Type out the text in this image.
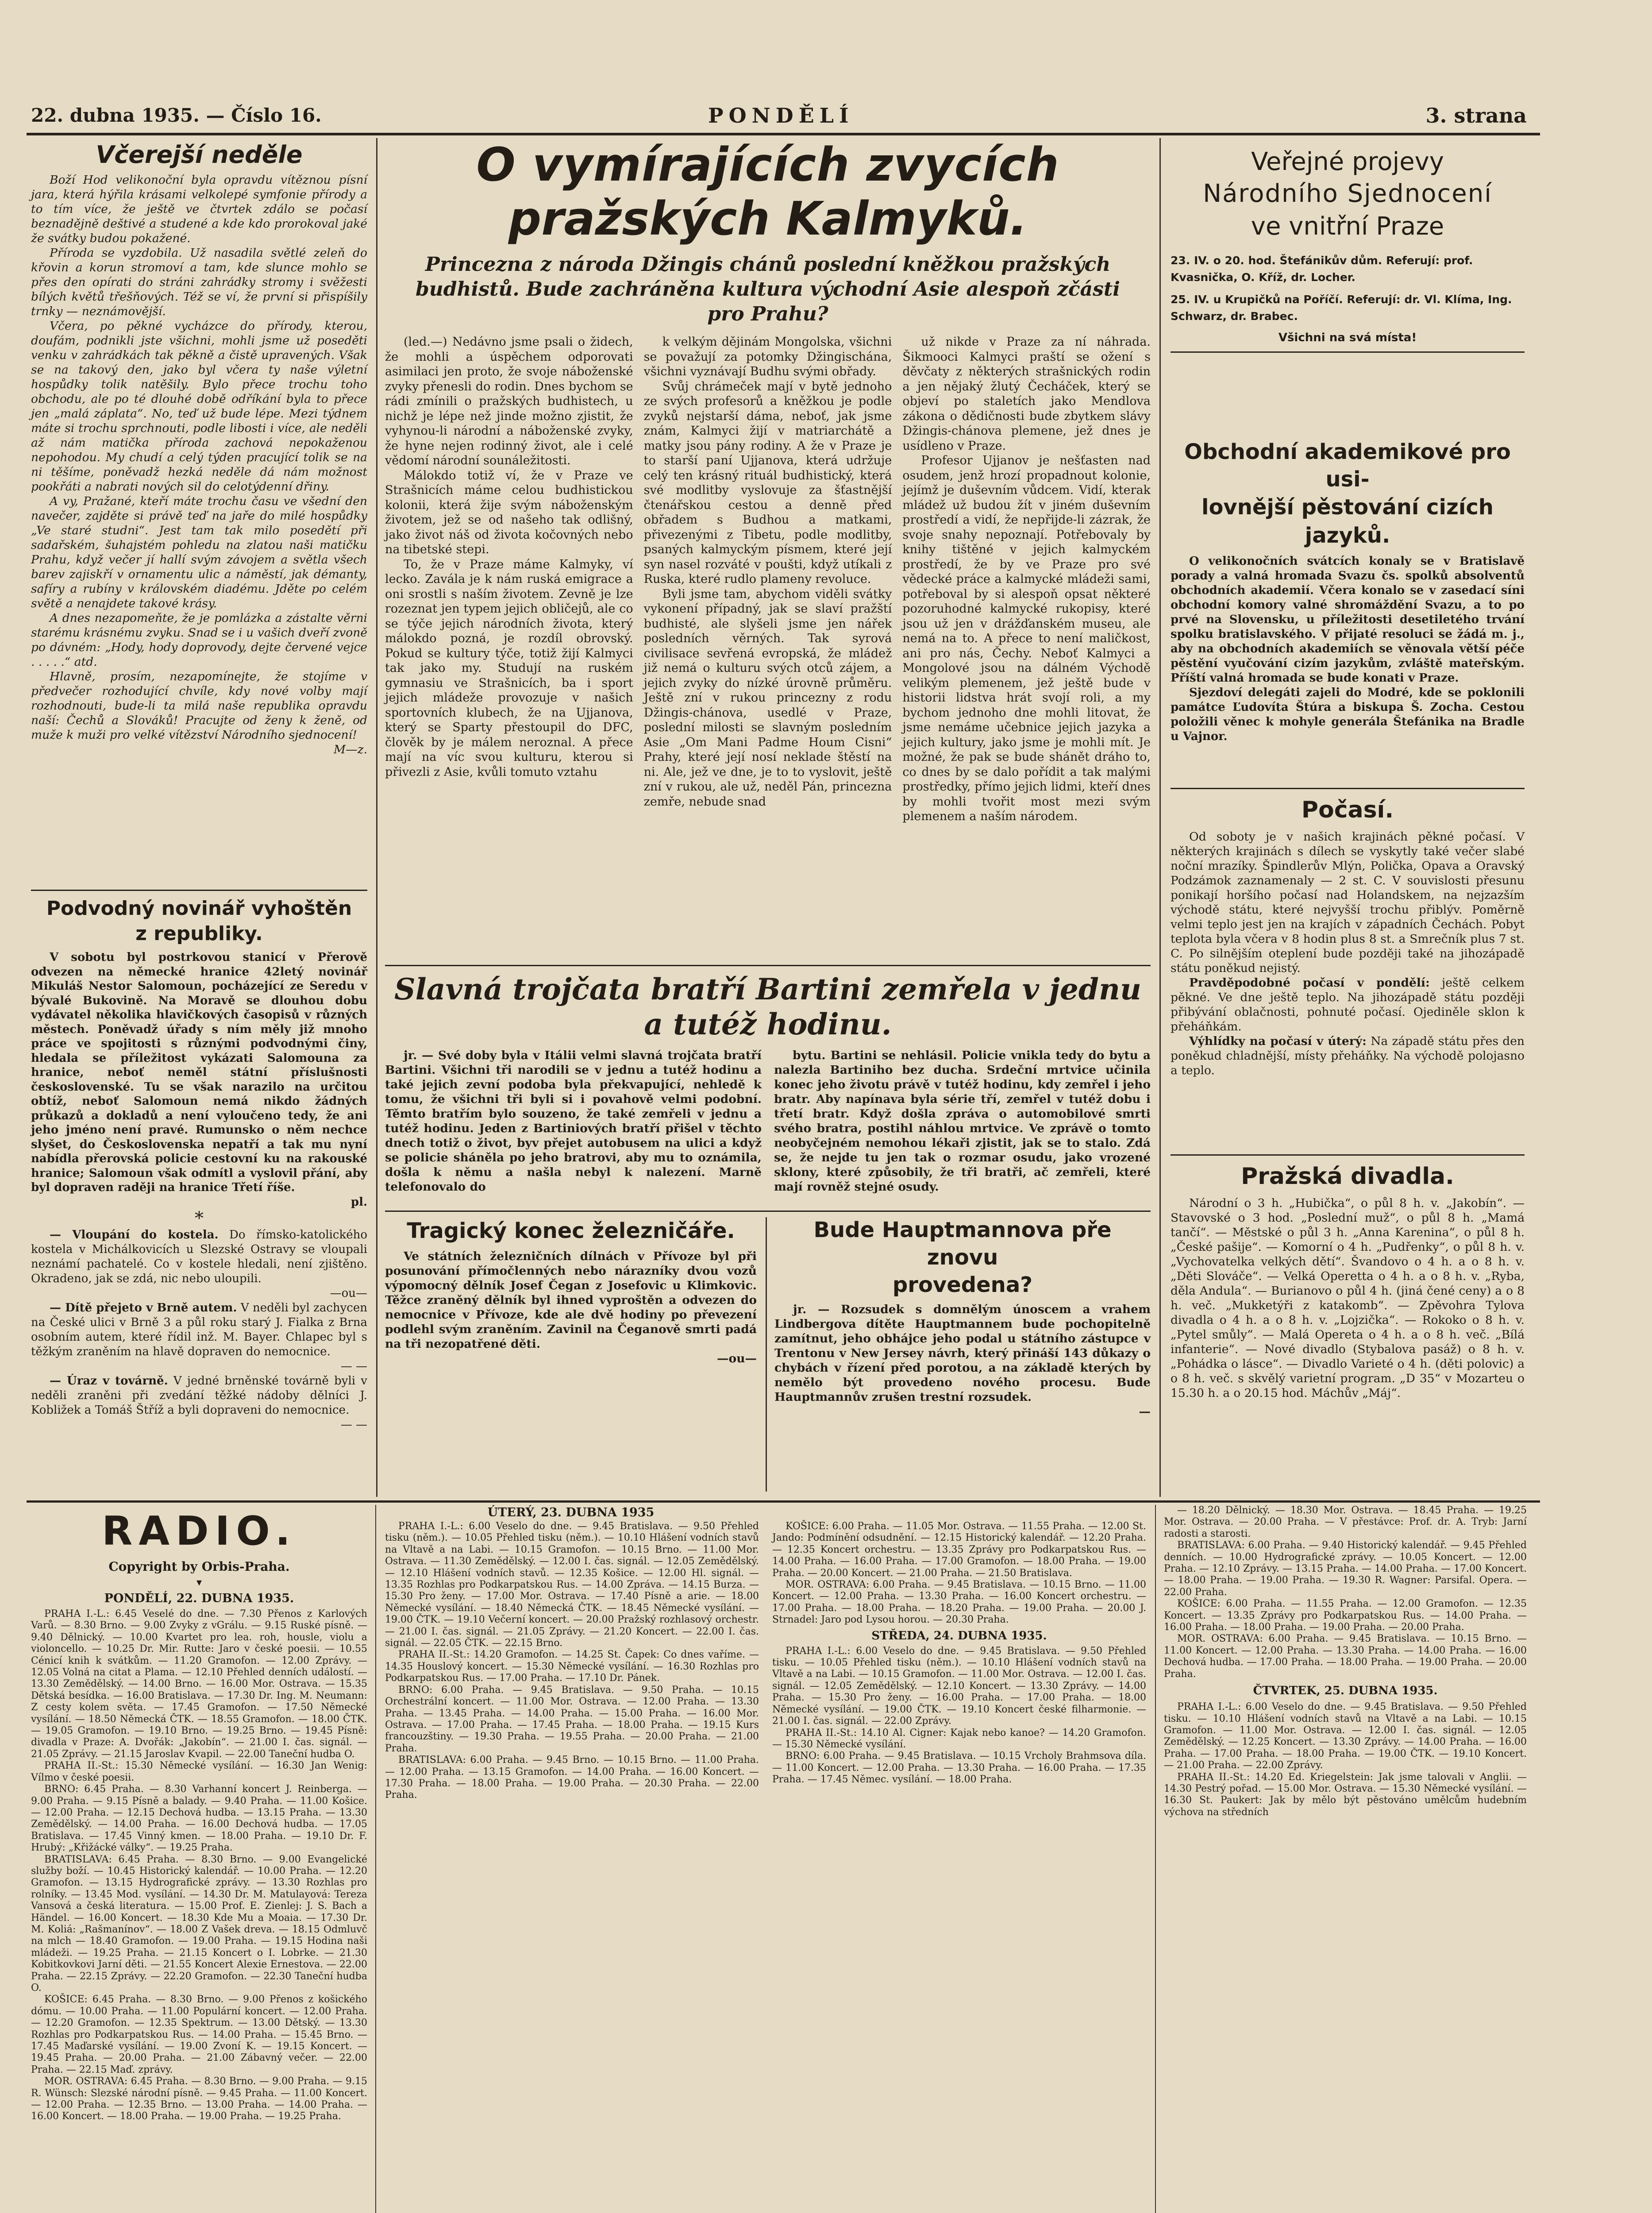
22. dubna 1935. — Číslo 16.	PONDĚLÍ	3. strana
Včerejší neděle

Boží Hod velikonoční byla opravdu vítěznou písní jara, která hýřila krásami velkolepé symfonie přírody a to tím více, že ještě ve čtvrtek zdálo se počasí beznadějně deštivé a studené a kde kdo prorokoval jaké že svátky budou pokažené.

Příroda se vyzdobila. Už nasadila světlé zeleň do křovin a korun stromoví a tam, kde slunce mohlo se přes den opírati do stráni zahrádky stromy i svěžesti bílých květů třešňových. Též se ví, že první si přispíšily trnky — neznámovější.

Včera, po pěkné vycházce do přírody, kterou, doufám, podnikli jste všichni, mohli jsme už poseděti venku v zahrádkách tak pěkně a čistě upravených. Však se na takový den, jako byl včera ty naše výletní hospůdky tolik natěšily. Bylo přece trochu toho obchodu, ale po té dlouhé době odříkání byla to přece jen „malá záplata“. No, teď už bude lépe. Mezi týdnem máte si trochu sprchnouti, podle libosti i více, ale neděli až nám matička příroda zachová nepokaženou nepohodou. My chudí a celý týden pracující tolik se na ni těšíme, poněvadž hezká neděle dá nám možnost pookřáti a nabrati nových sil do celotýdenní dřiny.

A vy, Pražané, kteří máte trochu času ve všední den navečer, zajděte si právě teď na jaře do milé hospůdky „Ve staré studni“. Jest tam tak milo posedětí při sadařském, šuhajstém pohledu na zlatou naši matičku Prahu, když večer jí hallí svým závojem a světla všech barev zajiskří v ornamentu ulic a náměstí, jak démanty, safíry a rubíny v královském diadému. Jděte po celém světě a nenajdete takové krásy.

A dnes nezapomeňte, že je pomlázka a zástalte věrni starému krásnému zvyku. Snad se i u vašich dveří zvoně po dávném: „Hody, hody doprovody, dejte červené vejce . . . . .“ atd.

Hlavně, prosím, nezapomínejte, že stojíme v předvečer rozhodující chvíle, kdy nové volby mají rozhodnouti, bude-li ta milá naše republika opravdu naší: Čechů a Slováků! Pracujte od ženy k ženě, od muže k muži pro velké vítězství Národního sjednocení!

M—z.
Podvodný novinář vyhoštěn
z republiky.

V sobotu byl postrkovou stanicí v Přerově odvezen na německé hranice 42letý novinář Mikuláš Nestor Salomoun, pocházející ze Seredu v bývalé Bukovině. Na Moravě se dlouhou dobu vydávatel několika hlavičkových časopisů v různých městech. Poněvadž úřady s ním měly již mnoho práce ve spojitosti s různými podvodnými činy, hledala se příležitost vykázati Salomouna za hranice, neboť neměl státní příslušnosti československé. Tu se však narazilo na určitou obtíž, neboť Salomoun nemá nikdo žádných průkazů a dokladů a není vyloučeno tedy, že ani jeho jméno není pravé. Rumunsko o něm nechce slyšet, do Československa nepatří a tak mu nyní nabídla přerovská policie cestovní ku na rakouské hranice; Salomoun však odmítl a vyslovil přání, aby byl dopraven raději na hranice Třetí říše.

pl.
*

— Vloupání do kostela. Do římsko-katolického kostela v Michálkovicích u Slezské Ostravy se vloupali neznámí pachatelé. Co v kostele hledali, není zjištěno. Okradeno, jak se zdá, nic nebo uloupili.

—ou—

— Dítě přejeto v Brně autem. V neděli byl zachycen na České ulici v Brně 3 a půl roku starý J. Fialka z Brna osobním autem, které řídil inž. M. Bayer. Chlapec byl s těžkým zraněním na hlavě dopraven do nemocnice.

— —

— Úraz v továrně. V jedné brněnské továrně byli v neděli zraněni při zvedání těžké nádoby dělníci J. Kobližek a Tomáš Štříž a byli dopraveni do nemocnice.

— —
O vymírajících zvycích
pražských Kalmyků.
Princezna z národa Džingis chánů poslední kněžkou pražských budhistů. Bude zachráněna kultura východní Asie alespoň zčásti pro Prahu?

(led.—) Nedávno jsme psali o židech, že mohli a úspěchem odporovati asimilaci jen proto, že svoje náboženské zvyky přenesli do rodin. Dnes bychom se rádi zmínili o pražských budhistech, u nichž je lépe než jinde možno zjistit, že vyhynou-li národní a náboženské zvyky, že hyne nejen rodinný život, ale i celé vědomí národní sounáležitosti.

Málokdo totiž ví, že v Praze ve Strašnicích máme celou budhistickou kolonii, která žije svým náboženským životem, jež se od našeho tak odlišný, jako život náš od života kočovných nebo na tibetské stepi.

To, že v Praze máme Kalmyky, ví lecko. Zavála je k nám ruská emigrace a oni srostli s naším životem. Zevně je lze rozeznat jen typem jejich obličejů, ale co se týče jejich národních života, který málokdo pozná, je rozdíl obrovský. Pokud se kultury týče, totiž žijí Kalmyci tak jako my. Studují na ruském gymnasiu ve Strašnicích, ba i sport jejich mládeže provozuje v našich sportovních klubech, že na Ujjanova, který se Sparty přestoupil do DFC, člověk by je málem neroznal. A přece mají na víc svou kulturu, kterou si přivezli z Asie, kvůli tomuto vztahu

k velkým dějinám Mongolska, všichni se považují za potomky Džingischána, všichni vyznávají Budhu svými obřady.

Svůj chrámeček mají v bytě jednoho ze svých profesorů a kněžkou je podle zvyků nejstarší dáma, neboť, jak jsme znám, Kalmyci žijí v matriarchátě a matky jsou pány rodiny. A že v Praze je to starší paní Ujjanova, která udržuje celý ten krásný rituál budhistický, která své modlitby vyslovuje za šťastnější čtenářskou cestou a denně před obřadem s Budhou a matkami, přivezenými z Tibetu, podle modlitby, psaných kalmyckým písmem, které její syn nasel rozváté v poušti, když utíkali z Ruska, které rudlo plameny revoluce.

Byli jsme tam, abychom viděli svátky vykonení případný, jak se slaví pražští budhisté, ale slyšeli jsme jen nářek posledních věrných. Tak syrová civilisace sevřená evropská, že mládež již nemá o kulturu svých otců zájem, a jejich zvyky do nízké úrovně průměru. Ještě zní v rukou princezny z rodu Džingis-chánova, usedlé v Praze, poslední milosti se slavným posledním Asie „Om Mani Padme Houm Cisni“ Prahy, které její nosí neklade štěstí na ni. Ale, jež ve dne, je to to vyslovit, ještě zní v rukou, ale už, neděl Pán, princezna zemře, nebude snad

už nikde v Praze za ní náhrada. Šikmooci Kalmyci praští se ožení s děvčaty z některých strašnických rodin a jen nějaký žlutý Čecháček, který se objeví po staletích jako Mendlova zákona o dědičnosti bude zbytkem slávy Džingis-chánova plemene, jež dnes je usídleno v Praze.

Profesor Ujjanov je nešťasten nad osudem, jenž hrozí propadnout kolonie, jejímž je duševním vůdcem. Vidí, kterak mládež už budou žít v jiném duševním prostředí a vidí, že nepřijde-li zázrak, že svoje snahy nepoznají. Potřebovaly by knihy tištěné v jejich kalmyckém prostředí, že by ve Praze pro své vědecké práce a kalmycké mládeži sami, potřeboval by si alespoň opsat některé pozoruhodné kalmycké rukopisy, které jsou už jen v drážďanském museu, ale nemá na to. A přece to není maličkost, ani pro nás, Čechy. Neboť Kalmyci a Mongolové jsou na dálném Východě velikým plemenem, jež ještě bude v historii lidstva hrát svojí roli, a my bychom jednoho dne mohli litovat, že jsme nemáme učebnice jejich jazyka a jejich kultury, jako jsme je mohli mít. Je možné, že pak se bude shánět dráho to, co dnes by se dalo pořídit a tak malými prostředky, přímo jejich lidmi, kteří dnes by mohli tvořit most mezi svým plemenem a naším národem.

Slavná trojčata bratří Bartini zemřela v jednu
a tutéž hodinu.

jr. — Své doby byla v Itálii velmi slavná trojčata bratří Bartini. Všichni tři narodili se v jednu a tutéž hodinu a také jejich zevní podoba byla překvapující, nehledě k tomu, že všichni tři byli si i povahově velmi podobní. Těmto bratřím bylo souzeno, že také zemřeli v jednu a tutéž hodinu. Jeden z Bartiniových bratří přišel v těchto dnech totiž o život, byv přejet autobusem na ulici a když se policie sháněla po jeho bratrovi, aby mu to oznámila, došla k němu a našla nebyl k nalezení. Marně telefonovalo do

bytu. Bartini se nehlásil. Policie vnikla tedy do bytu a nalezla Bartiniho bez ducha. Srdeční mrtvice učinila konec jeho životu právě v tutéž hodinu, kdy zemřel i jeho bratr. Aby napínava byla série tří, zemřel v tutéž dobu i třetí bratr. Když došla zpráva o automobilové smrti svého bratra, postihl náhlou mrtvice. Ve zprávě o tomto neobyčejném nemohou lékaři zjistit, jak se to stalo. Zdá se, že nejde tu jen tak o rozmar osudu, jako vrozené sklony, které způsobily, že tři bratři, ač zemřeli, které mají rovněž stejné osudy.

Tragický konec železničáře.

Ve státních železničních dílnách v Přívoze byl při posunování přímočlenných nebo nárazníky dvou vozů výpomocný dělník Josef Čegan z Josefovic u Klimkovic. Těžce zraněný dělník byl ihned vyproštěn a odvezen do nemocnice v Přívoze, kde ale dvě hodiny po převezení podlehl svým zraněním. Zavinil na Čeganově smrti padá na tři nezopatřené děti.

—ou—
Bude Hauptmannova pře znovu
provedena?

jr. — Rozsudek s domnělým únoscem a vrahem Lindbergova dítěte Hauptmannem bude pochopitelně zamítnut, jeho obhájce jeho podal u státního zástupce v Trentonu v New Jersey návrh, který přináší 143 důkazy o chybách v řízení před porotou, a na základě kterých by nemělo být provedeno nového procesu. Bude Hauptmannův zrušen trestní rozsudek.

—
Veřejné projevy
Národního Sjednocení
ve vnitřní Praze
23. IV. o 20. hod. Štefánikův dům. Referují: prof. Kvasnička, O. Kříž, dr. Locher.
25. IV. u Krupičků na Poříčí. Referují: dr. Vl. Klíma, Ing. Schwarz, dr. Brabec.
Všichni na svá místa!
Obchodní akademikové pro usi-
lovnější pěstování cizích jazyků.

O velikonočních svátcích konaly se v Bratislavě porady a valná hromada Svazu čs. spolků absolventů obchodních akademií. Včera konalo se v zasedací síni obchodní komory valné shromáždění Svazu, a to po prvé na Slovensku, u příležitosti desetiletého trvání spolku bratislavského. V přijaté resoluci se žádá m. j., aby na obchodních akademiích se věnovala větší péče pěstění vyučování cizím jazykům, zvláště mateřským. Příští valná hromada se bude konati v Praze.

Sjezdoví delegáti zajeli do Modré, kde se poklonili památce Ľudovíta Štúra a biskupa Š. Zocha. Cestou položili věnec k mohyle generála Štefánika na Bradle u Vajnor.

Počasí.

Od soboty je v našich krajinách pěkné počasí. V některých krajinách s dílech se vyskytly také večer slabé noční mrazíky. Špindlerův Mlýn, Polička, Opava a Oravský Podzámok zaznamenaly — 2 st. C. V souvislosti přesunu ponikají horšího počasí nad Holandskem, na nejzazším východě státu, které nejvyšší trochu přiblýv. Poměrně velmi teplo jest jen na krajích v západních Čechách. Pobyt teplota byla včera v 8 hodin plus 8 st. a Smrečník plus 7 st. C. Po silnějším oteplení bude později také na jihozápadě státu poněkud nejistý.

Pravděpodobné počasí v pondělí: ještě celkem pěkné. Ve dne ještě teplo. Na jihozápadě státu později přibývání oblačnosti, pohnuté počasí. Ojediněle sklon k přeháňkám.

Výhlídky na počasí v úterý: Na západě státu přes den poněkud chladnější, místy přeháňky. Na východě polojasno a teplo.

Pražská divadla.

Národní o 3 h. „Hubička“, o půl 8 h. v. „Jakobín“. — Stavovské o 3 hod. „Poslední muž“, o půl 8 h. „Mamá tančí“. — Městské o půl 3 h. „Anna Karenina“, o půl 8 h. „České pašije“. — Komorní o 4 h. „Pudřenky“, o půl 8 h. v. „Vychovatelka velkých dětí“. Švandovo o 4 h. a o 8 h. v. „Děti Slováče“. — Velká Operetta o 4 h. a o 8 h. v. „Ryba, děla Andula“. — Burianovo o půl 4 h. (jiná čené ceny) a o 8 h. več. „Mukketýři z katakomb“. — Zpěvohra Tylova divadla o 4 h. a o 8 h. v. „Lojzička“. — Rokoko o 8 h. v. „Pytel smůly“. — Malá Opereta o 4 h. a o 8 h. več. „Bílá infanterie“. — Nové divadlo (Stybalova pasáž) o 8 h. v. „Pohádka o lásce“. — Divadlo Varieté o 4 h. (děti polovic) a o 8 h. več. s skvělý varietní program. „D 35“ v Mozarteu o 15.30 h. a o 20.15 hod. Máchův „Máj“.

RADIO.
Copyright by Orbis-Praha.
▾
PONDĚLÍ, 22. DUBNA 1935.

PRAHA I.-L.: 6.45 Veselé do dne. — 7.30 Přenos z Karlových Varů. — 8.30 Brno. — 9.00 Zvyky z vGrálu. — 9.15 Ruské písně. — 9.40 Dělnický. — 10.00 Kvartet pro lea. roh, housle, violu a violoncello. — 10.25 Dr. Mir. Rutte: Jaro v české poesii. — 10.55 Cénicí knih k svátkům. — 11.20 Gramofon. — 12.00 Zprávy. — 12.05 Volná na citat a Plama. — 12.10 Přehled denních událostí. — 13.30 Zemědělský. — 14.00 Brno. — 16.00 Mor. Ostrava. — 15.35 Dětská besídka. — 16.00 Bratislava. — 17.30 Dr. Ing. M. Neumann: Z cesty kolem světa. — 17.45 Gramofon. — 17.50 Německé vysílání. — 18.50 Německá ČTK. — 18.55 Gramofon. — 18.00 ČTK. — 19.05 Gramofon. — 19.10 Brno. — 19.25 Brno. — 19.45 Písně: divadla v Praze: A. Dvořák: „Jakobín“. — 21.00 I. čas. signál. — 21.05 Zprávy. — 21.15 Jaroslav Kvapil. — 22.00 Taneční hudba O.

PRAHA II.-St.: 15.30 Německé vysílání. — 16.30 Jan Wenig: Vílmo v české poesii.

BRNO: 6.45 Praha. — 8.30 Varhanní koncert J. Reinberga. — 9.00 Praha. — 9.15 Písně a balady. — 9.40 Praha. — 11.00 Košice. — 12.00 Praha. — 12.15 Dechová hudba. — 13.15 Praha. — 13.30 Zemědělský. — 14.00 Praha. — 16.00 Dechová hudba. — 17.05 Bratislava. — 17.45 Vinný kmen. — 18.00 Praha. — 19.10 Dr. F. Hrubý: „Křižácké války“. — 19.25 Praha.

BRATISLAVA: 6.45 Praha. — 8.30 Brno. — 9.00 Evangelické služby boží. — 10.45 Historický kalendář. — 10.00 Praha. — 12.20 Gramofon. — 13.15 Hydrografické zprávy. — 13.30 Rozhlas pro rolníky. — 13.45 Mod. vysílání. — 14.30 Dr. M. Matulayová: Tereza Vansová a česká literatura. — 15.00 Prof. E. Zienlej: J. S. Bach a Händel. — 16.00 Koncert. — 18.30 Kde Mu a Moaia. — 17.30 Dr. M. Koliá: „Rašmanínov“. — 18.00 Z Vašek dreva. — 18.15 Odmluvč na mlch — 18.40 Gramofon. — 19.00 Praha. — 19.15 Hodina naši mládeži. — 19.25 Praha. — 21.15 Koncert o I. Lobrke. — 21.30 Kobitkovkovi Jarní děti. — 21.55 Koncert Alexie Ernestova. — 22.00 Praha. — 22.15 Zprávy. — 22.20 Gramofon. — 22.30 Taneční hudba O.

KOŠICE: 6.45 Praha. — 8.30 Brno. — 9.00 Přenos z košického dómu. — 10.00 Praha. — 11.00 Populární koncert. — 12.00 Praha. — 12.20 Gramofon. — 12.35 Spektrum. — 13.00 Dětský. — 13.30 Rozhlas pro Podkarpatskou Rus. — 14.00 Praha. — 15.45 Brno. — 17.45 Maďarské vysílání. — 19.00 Zvoní K. — 19.15 Koncert. — 19.45 Praha. — 20.00 Praha. — 21.00 Zábavný večer. — 22.00 Praha. — 22.15 Maď. zprávy.

MOR. OSTRAVA: 6.45 Praha. — 8.30 Brno. — 9.00 Praha. — 9.15 R. Wünsch: Slezské národní písně. — 9.45 Praha. — 11.00 Koncert. — 12.00 Praha. — 12.35 Brno. — 13.00 Praha. — 14.00 Praha. — 16.00 Koncert. — 18.00 Praha. — 19.00 Praha. — 19.25 Praha.

ÚTERÝ, 23. DUBNA 1935

PRAHA I.-L.: 6.00 Veselo do dne. — 9.45 Bratislava. — 9.50 Přehled tisku (něm.). — 10.05 Přehled tisku (něm.). — 10.10 Hlášení vodních stavů na Vltavě a na Labi. — 10.15 Gramofon. — 10.15 Brno. — 11.00 Mor. Ostrava. — 11.30 Zemědělský. — 12.00 I. čas. signál. — 12.05 Zemědělský. — 12.10 Hlášení vodních stavů. — 12.35 Košice. — 12.00 Hl. signál. — 13.35 Rozhlas pro Podkarpatskou Rus. — 14.00 Zpráva. — 14.15 Burza. — 15.30 Pro ženy. — 17.00 Mor. Ostrava. — 17.40 Písně a arie. — 18.00 Německé vysílání. — 18.40 Německá ČTK. — 18.45 Německé vysílání. — 19.00 ČTK. — 19.10 Večerní koncert. — 20.00 Pražský rozhlasový orchestr. — 21.00 I. čas. signál. — 21.05 Zprávy. — 21.20 Koncert. — 22.00 I. čas. signál. — 22.05 ČTK. — 22.15 Brno.

PRAHA II.-St.: 14.20 Gramofon. — 14.25 St. Čapek: Co dnes vaříme. — 14.35 Houslový koncert. — 15.30 Německé vysílání. — 16.30 Rozhlas pro Podkarpatskou Rus. — 17.00 Praha. — 17.10 Dr. Pánek.

BRNO: 6.00 Praha. — 9.45 Bratislava. — 9.50 Praha. — 10.15 Orchestrální koncert. — 11.00 Mor. Ostrava. — 12.00 Praha. — 13.30 Praha. — 13.45 Praha. — 14.00 Praha. — 15.00 Praha. — 16.00 Mor. Ostrava. — 17.00 Praha. — 17.45 Praha. — 18.00 Praha. — 19.15 Kurs francouzštiny. — 19.30 Praha. — 19.55 Praha. — 20.00 Praha. — 21.00 Praha.

BRATISLAVA: 6.00 Praha. — 9.45 Brno. — 10.15 Brno. — 11.00 Praha. — 12.00 Praha. — 13.15 Gramofon. — 14.00 Praha. — 16.00 Koncert. — 17.30 Praha. — 18.00 Praha. — 19.00 Praha. — 20.30 Praha. — 22.00 Praha.

KOŠICE: 6.00 Praha. — 11.05 Mor. Ostrava. — 11.55 Praha. — 12.00 St. Jando: Podmínění odsudnění. — 12.15 Historický kalendář. — 12.20 Praha. — 12.35 Koncert orchestru. — 13.35 Zprávy pro Podkarpatskou Rus. — 14.00 Praha. — 16.00 Praha. — 17.00 Gramofon. — 18.00 Praha. — 19.00 Praha. — 20.00 Koncert. — 21.00 Praha. — 21.50 Bratislava.

MOR. OSTRAVA: 6.00 Praha. — 9.45 Bratislava. — 10.15 Brno. — 11.00 Koncert. — 12.00 Praha. — 13.30 Praha. — 16.00 Koncert orchestru. — 17.00 Praha. — 18.00 Praha. — 18.20 Praha. — 19.00 Praha. — 20.00 J. Strnadel: Jaro pod Lysou horou. — 20.30 Praha.

STŘEDA, 24. DUBNA 1935.

PRAHA I.-L.: 6.00 Veselo do dne. — 9.45 Bratislava. — 9.50 Přehled tisku. — 10.05 Přehled tisku (něm.). — 10.10 Hlášení vodních stavů na Vltavě a na Labi. — 10.15 Gramofon. — 11.00 Mor. Ostrava. — 12.00 I. čas. signál. — 12.05 Zemědělský. — 12.10 Koncert. — 13.30 Zprávy. — 14.00 Praha. — 15.30 Pro ženy. — 16.00 Praha. — 17.00 Praha. — 18.00 Německé vysílání. — 19.00 ČTK. — 19.10 Koncert české filharmonie. — 21.00 I. čas. signál. — 22.00 Zprávy.

PRAHA II.-St.: 14.10 Al. Cigner: Kajak nebo kanoe? — 14.20 Gramofon. — 15.30 Německé vysílání.

BRNO: 6.00 Praha. — 9.45 Bratislava. — 10.15 Vrcholy Brahmsova díla. — 11.00 Koncert. — 12.00 Praha. — 13.30 Praha. — 16.00 Praha. — 17.35 Praha. — 17.45 Němec. vysílání. — 18.00 Praha.

— 18.20 Dělnický. — 18.30 Mor. Ostrava. — 18.45 Praha. — 19.25 Mor. Ostrava. — 20.00 Praha. — V přestávce: Prof. dr. A. Tryb: Jarní radosti a starosti.

BRATISLAVA: 6.00 Praha. — 9.40 Historický kalendář. — 9.45 Přehled denních. — 10.00 Hydrografické zprávy. — 10.05 Koncert. — 12.00 Praha. — 12.10 Zprávy. — 13.15 Praha. — 14.00 Praha. — 17.00 Koncert. — 18.00 Praha. — 19.00 Praha. — 19.30 R. Wagner: Parsifal. Opera. — 22.00 Praha.

KOŠICE: 6.00 Praha. — 11.55 Praha. — 12.00 Gramofon. — 12.35 Koncert. — 13.35 Zprávy pro Podkarpatskou Rus. — 14.00 Praha. — 16.00 Praha. — 18.00 Praha. — 19.00 Praha. — 20.00 Praha.

MOR. OSTRAVA: 6.00 Praha. — 9.45 Bratislava. — 10.15 Brno. — 11.00 Koncert. — 12.00 Praha. — 13.30 Praha. — 14.00 Praha. — 16.00 Dechová hudba. — 17.00 Praha. — 18.00 Praha. — 19.00 Praha. — 20.00 Praha.

ČTVRTEK, 25. DUBNA 1935.

PRAHA I.-L.: 6.00 Veselo do dne. — 9.45 Bratislava. — 9.50 Přehled tisku. — 10.10 Hlášení vodních stavů na Vltavě a na Labi. — 10.15 Gramofon. — 11.00 Mor. Ostrava. — 12.00 I. čas. signál. — 12.05 Zemědělský. — 12.25 Koncert. — 13.30 Zprávy. — 14.00 Praha. — 16.00 Praha. — 17.00 Praha. — 18.00 Praha. — 19.00 ČTK. — 19.10 Koncert. — 21.00 Praha. — 22.00 Zprávy.

PRAHA II.-St.: 14.20 Ed. Kriegelstein: Jak jsme talovali v Anglii. — 14.30 Pestrý pořad. — 15.00 Mor. Ostrava. — 15.30 Německé vysílání. — 16.30 St. Paukert: Jak by mělo být pěstováno umělcům hudebním výchova na středních
